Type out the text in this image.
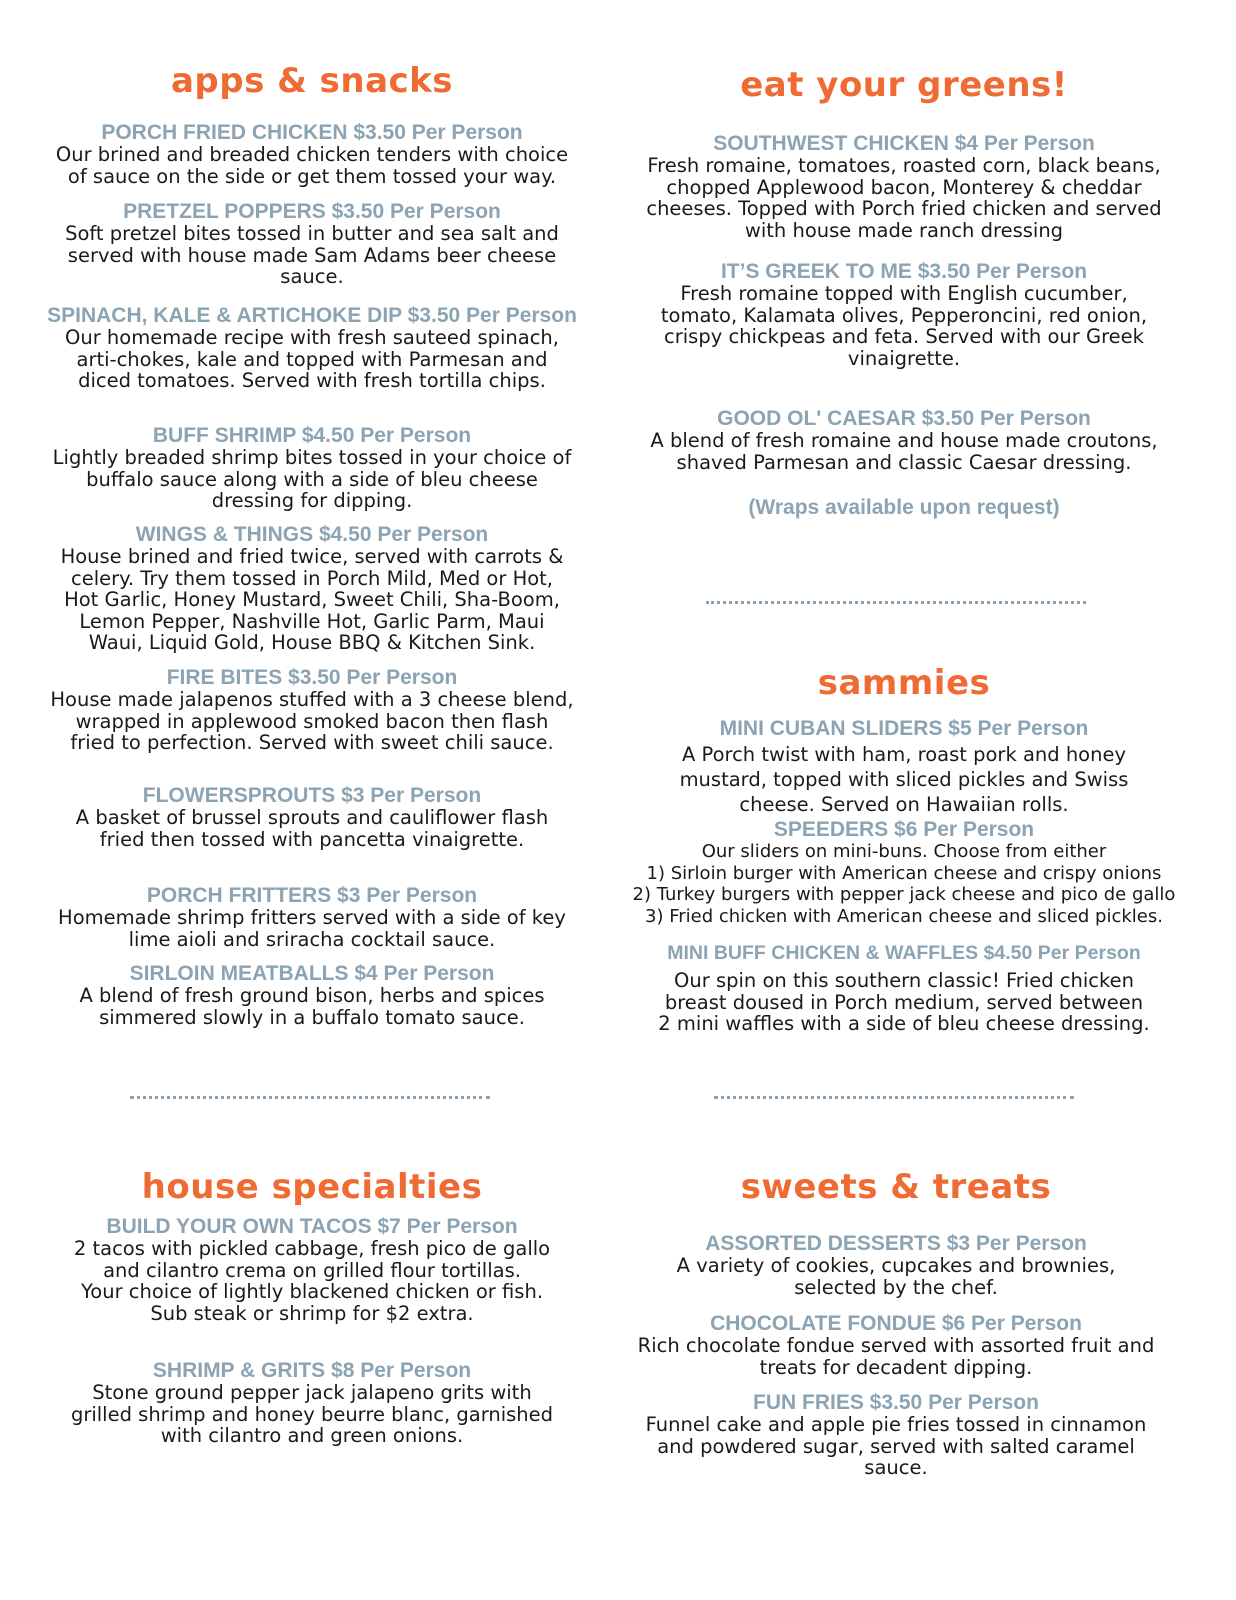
apps & snacks
PORCH FRIED CHICKEN $3.50 Per Person
Our brined and breaded chicken tenders with choice
of sauce on the side or get them tossed your way.
PRETZEL POPPERS $3.50 Per Person
Soft pretzel bites tossed in butter and sea salt and
served with house made Sam Adams beer cheese
sauce.
SPINACH, KALE & ARTICHOKE DIP $3.50 Per Person
Our homemade recipe with fresh sauteed spinach,
arti-chokes, kale and topped with Parmesan and
diced tomatoes. Served with fresh tortilla chips.
BUFF SHRIMP $4.50 Per Person
Lightly breaded shrimp bites tossed in your choice of
buffalo sauce along with a side of bleu cheese
dressing for dipping.
WINGS & THINGS $4.50 Per Person
House brined and fried twice, served with carrots &
celery. Try them tossed in Porch Mild, Med or Hot,
Hot Garlic, Honey Mustard, Sweet Chili, Sha-Boom,
Lemon Pepper, Nashville Hot, Garlic Parm, Maui
Waui, Liquid Gold, House BBQ & Kitchen Sink.
FIRE BITES $3.50 Per Person
House made jalapenos stuffed with a 3 cheese blend,
wrapped in applewood smoked bacon then flash
fried to perfection. Served with sweet chili sauce.
FLOWERSPROUTS $3 Per Person
A basket of brussel sprouts and cauliflower flash
fried then tossed with pancetta vinaigrette.
PORCH FRITTERS $3 Per Person
Homemade shrimp fritters served with a side of key
lime aioli and sriracha cocktail sauce.
SIRLOIN MEATBALLS $4 Per Person
A blend of fresh ground bison, herbs and spices
simmered slowly in a buffalo tomato sauce.
eat your greens!
SOUTHWEST CHICKEN $4 Per Person
Fresh romaine, tomatoes, roasted corn, black beans,
chopped Applewood bacon, Monterey & cheddar
cheeses. Topped with Porch fried chicken and served
with house made ranch dressing
IT’S GREEK TO ME $3.50 Per Person
Fresh romaine topped with English cucumber,
tomato, Kalamata olives, Pepperoncini, red onion,
crispy chickpeas and feta. Served with our Greek
vinaigrette.
GOOD OL' CAESAR $3.50 Per Person
A blend of fresh romaine and house made croutons,
shaved Parmesan and classic Caesar dressing.
(Wraps available upon request)
sammies
MINI CUBAN SLIDERS $5 Per Person
A Porch twist with ham, roast pork and honey
mustard, topped with sliced pickles and Swiss
cheese. Served on Hawaiian rolls.
SPEEDERS $6 Per Person
Our sliders on mini-buns. Choose from either
1) Sirloin burger with American cheese and crispy onions
2) Turkey burgers with pepper jack cheese and pico de gallo
3) Fried chicken with American cheese and sliced pickles.
MINI BUFF CHICKEN & WAFFLES $4.50 Per Person
Our spin on this southern classic! Fried chicken
breast doused in Porch medium, served between
2 mini waffles with a side of bleu cheese dressing.
house specialties
BUILD YOUR OWN TACOS $7 Per Person
2 tacos with pickled cabbage, fresh pico de gallo
and cilantro crema on grilled flour tortillas.
Your choice of lightly blackened chicken or fish.
Sub steak or shrimp for $2 extra.
SHRIMP & GRITS $8 Per Person
Stone ground pepper jack jalapeno grits with
grilled shrimp and honey beurre blanc, garnished
with cilantro and green onions.
sweets & treats
ASSORTED DESSERTS $3 Per Person
A variety of cookies, cupcakes and brownies,
selected by the chef.
CHOCOLATE FONDUE $6 Per Person
Rich chocolate fondue served with assorted fruit and
treats for decadent dipping.
FUN FRIES $3.50 Per Person
Funnel cake and apple pie fries tossed in cinnamon
and powdered sugar, served with salted caramel
sauce.
